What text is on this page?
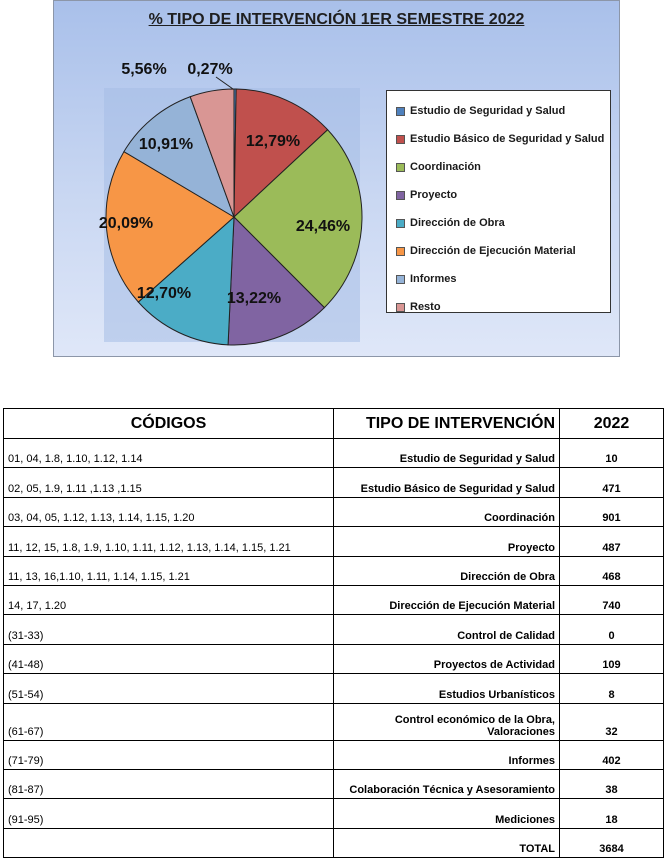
% TIPO DE INTERVENCIÓN 1ER SEMESTRE 2022
0,27%
12,79%
24,46%
13,22%
12,70%
20,09%
10,91%
5,56%
Estudio de Seguridad y Salud
Estudio Básico de Seguridad y Salud
Coordinación
Proyecto
Dirección de Obra
Dirección de Ejecución Material
Informes
Resto
CÓDIGOS	TIPO DE INTERVENCIÓN	2022
01, 04, 1.8, 1.10, 1.12, 1.14	Estudio de Seguridad y Salud	10
02, 05, 1.9, 1.11 ,1.13 ,1.15	Estudio Básico de Seguridad y Salud	471
03, 04, 05, 1.12, 1.13, 1.14, 1.15, 1.20	Coordinación	901
11, 12, 15, 1.8, 1.9, 1.10, 1.11, 1.12, 1.13, 1.14, 1.15, 1.21	Proyecto	487
11, 13, 16,1.10, 1.11, 1.14, 1.15, 1.21	Dirección de Obra	468
14, 17, 1.20	Dirección de Ejecución Material	740
(31-33)	Control de Calidad	0
(41-48)	Proyectos de Actividad	109
(51-54)	Estudios Urbanísticos	8
(61-67)	Control económico de la Obra,
Valoraciones	32
(71-79)	Informes	402
(81-87)	Colaboración Técnica y Asesoramiento	38
(91-95)	Mediciones	18
	TOTAL	3684
